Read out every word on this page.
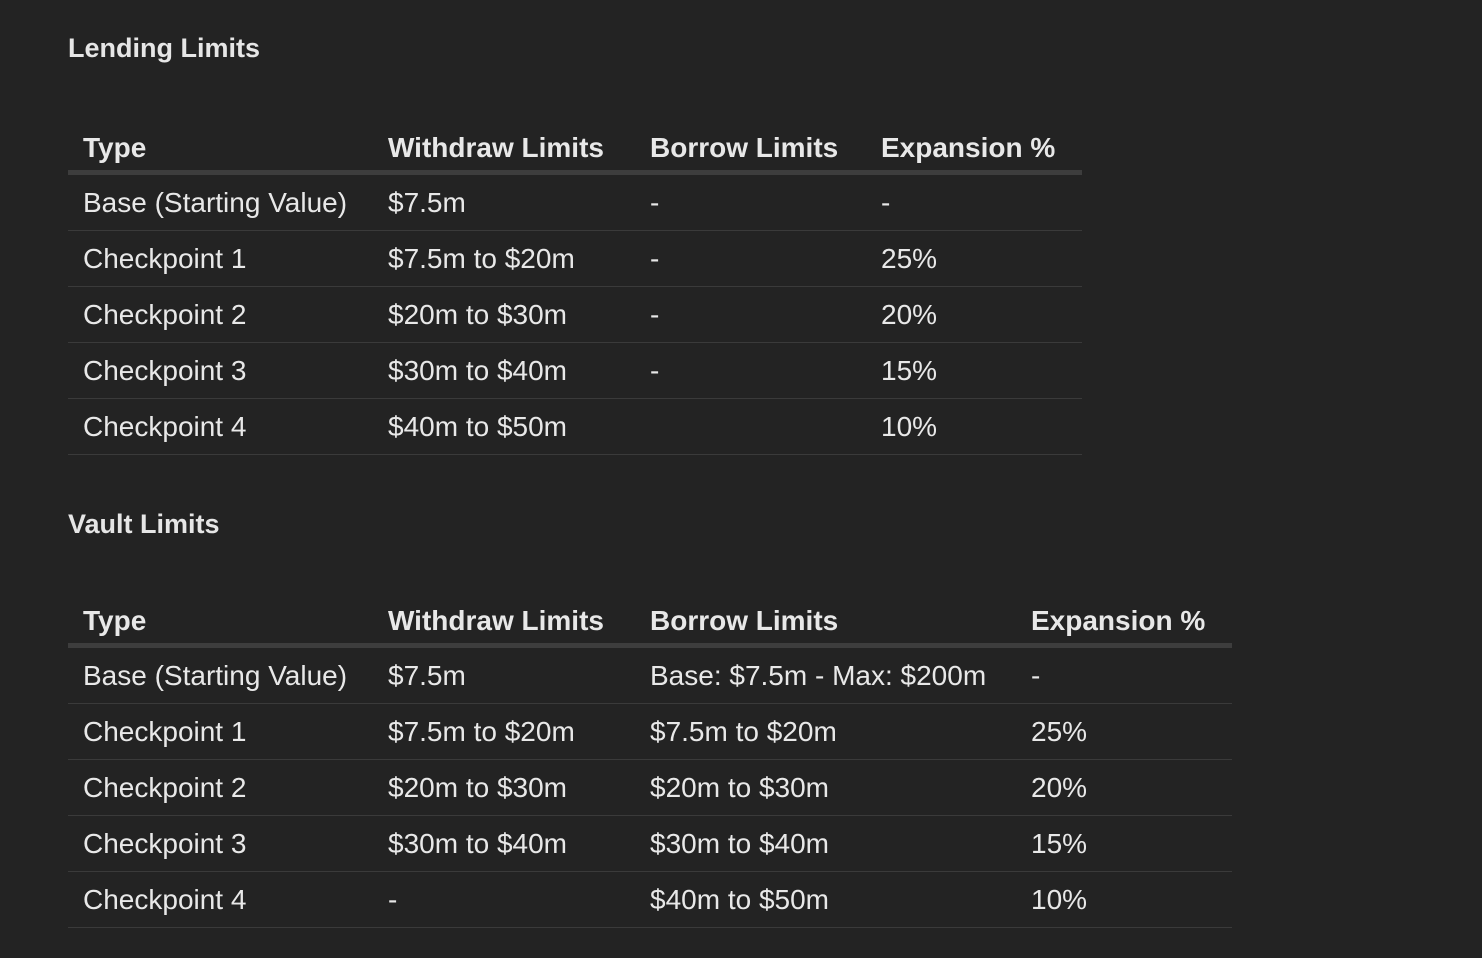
Lending Limits
Type	Withdraw Limits	Borrow Limits	Expansion %
Base (Starting Value)	$7.5m	-	-
Checkpoint 1	$7.5m to $20m	-	25%
Checkpoint 2	$20m to $30m	-	20%
Checkpoint 3	$30m to $40m	-	15%
Checkpoint 4	$40m to $50m		10%
Vault Limits
Type	Withdraw Limits	Borrow Limits	Expansion %
Base (Starting Value)	$7.5m	Base: $7.5m - Max: $200m	-
Checkpoint 1	$7.5m to $20m	$7.5m to $20m	25%
Checkpoint 2	$20m to $30m	$20m to $30m	20%
Checkpoint 3	$30m to $40m	$30m to $40m	15%
Checkpoint 4	-	$40m to $50m	10%
